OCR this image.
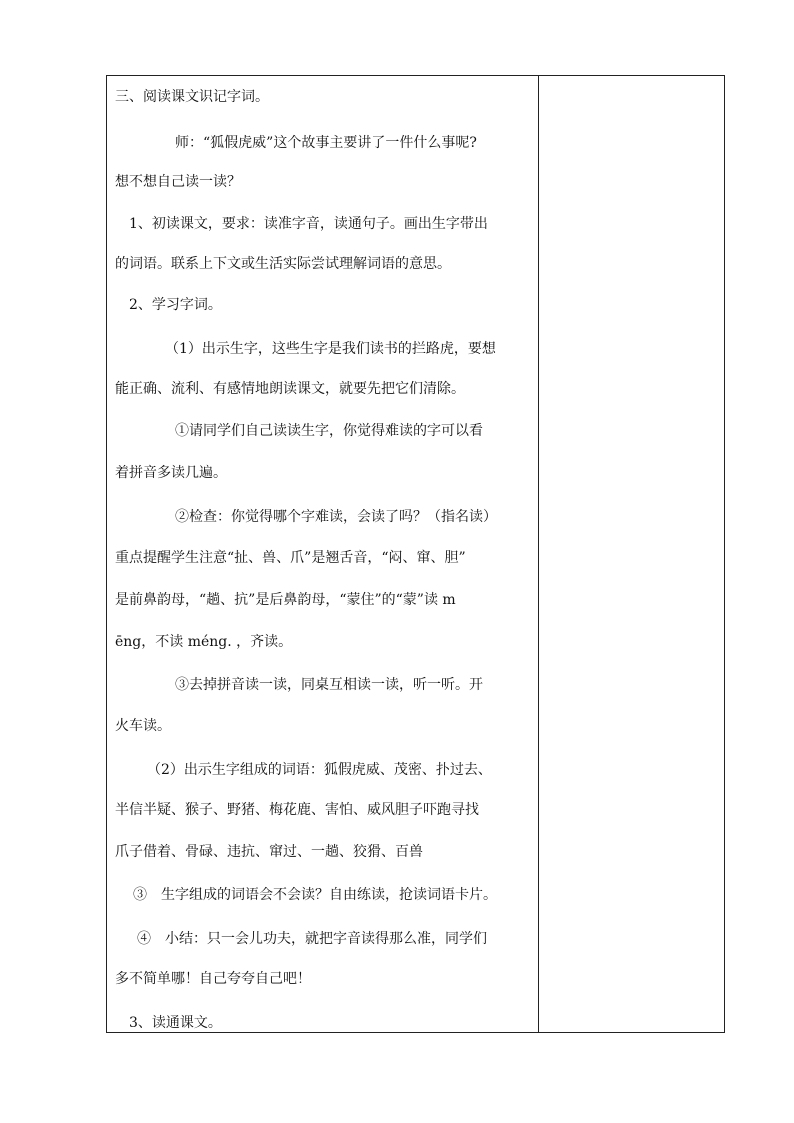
三、阅读课文识记字词。
师：“狐假虎威”这个故事主要讲了一件什么事呢?
想不想自己读一读？
1、初读课文，要求：读准字音，读通句子。画出生字带出
的词语。联系上下文或生活实际尝试理解词语的意思。
2、学习字词。
（1）出示生字，这些生字是我们读书的拦路虎，要想
能正确、流利、有感情地朗读课文，就要先把它们清除。
①请同学们自己读读生字，你觉得难读的字可以看
着拼音多读几遍。
②检查：你觉得哪个字难读，会读了吗？（指名读）
重点提醒学生注意“扯、兽、爪”是翘舌音，“闷、窜、胆”
是前鼻韵母，“趟、抗”是后鼻韵母，“蒙住”的“蒙”读 m
ēng，不读 méng. ，齐读。
③去掉拼音读一读，同桌互相读一读，听一听。开
火车读。
（2）出示生字组成的词语：狐假虎威、茂密、扑过去、
半信半疑、猴子、野猪、梅花鹿、害怕、威风胆子吓跑寻找
爪子借着、骨碌、违抗、窜过、一趟、狡猾、百兽
③　生字组成的词语会不会读？自由练读，抢读词语卡片。
④　小结：只一会儿功夫，就把字音读得那么准，同学们
多不简单哪！自己夸夸自己吧！
3、读通课文。
